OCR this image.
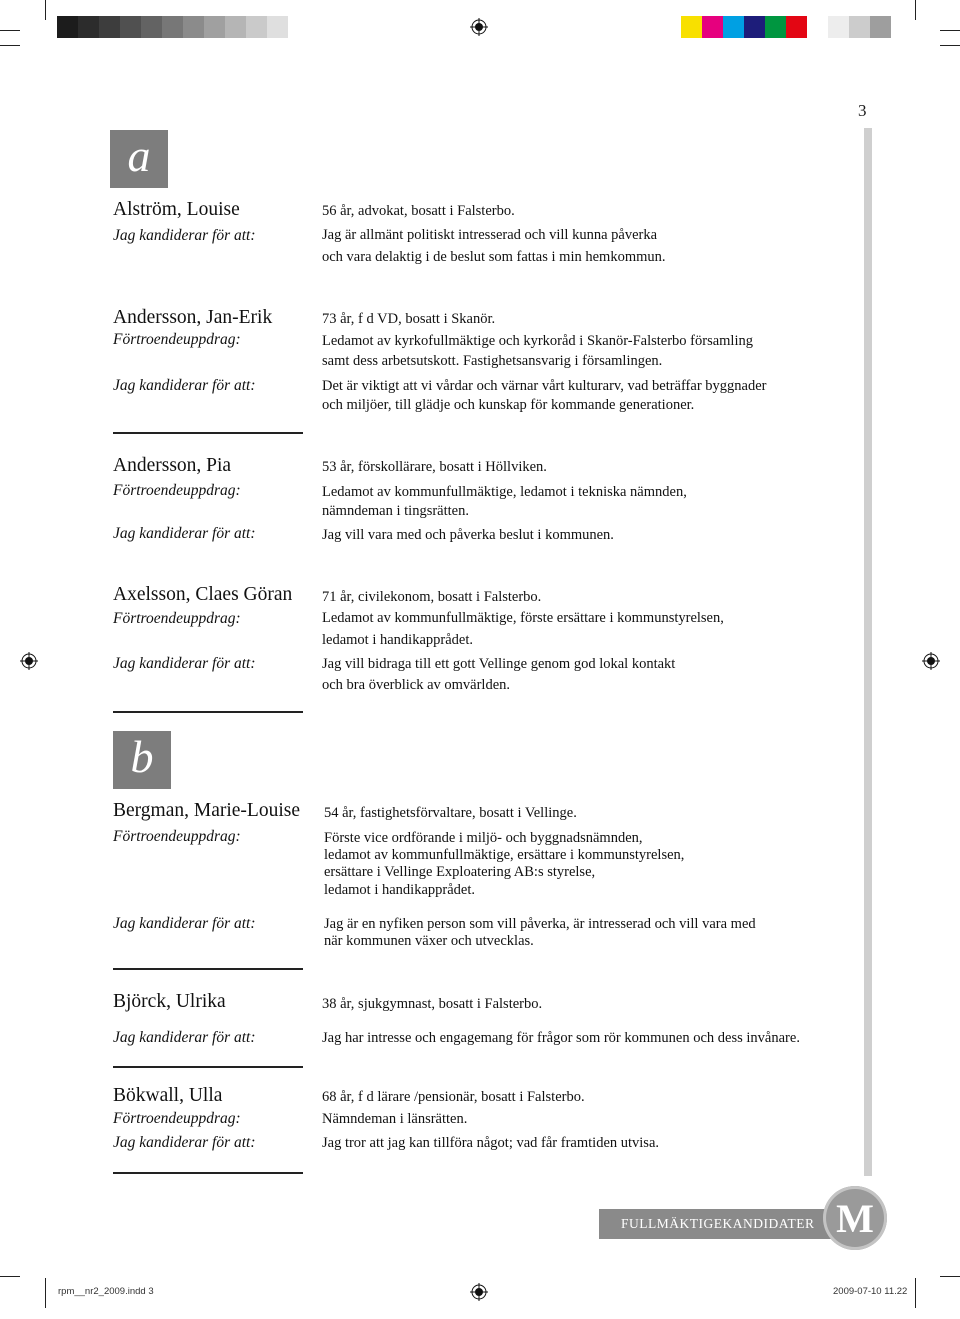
3
a
b
Alström, Louise
Jag kandiderar för att:
56 år, advokat, bosatt i Falsterbo.
Jag är allmänt politiskt intresserad och vill kunna påverka
och vara delaktig i de beslut som fattas i min hemkommun.
Andersson, Jan-Erik
Förtroendeuppdrag:
Jag kandiderar för att:
73 år, f d VD, bosatt i Skanör.
Ledamot av kyrkofullmäktige och kyrkoråd i Skanör-Falsterbo församling
samt dess arbetsutskott. Fastighetsansvarig i församlingen.
Det är viktigt att vi vårdar och värnar vårt kulturarv, vad beträffar byggnader
och miljöer, till glädje och kunskap för kommande generationer.
Andersson, Pia
Förtroendeuppdrag:
Jag kandiderar för att:
53 år, förskollärare, bosatt i Höllviken.
Ledamot av kommunfullmäktige, ledamot i tekniska nämnden,
nämndeman i tingsrätten.
Jag vill vara med och påverka beslut i kommunen.
Axelsson, Claes Göran
Förtroendeuppdrag:
Jag kandiderar för att:
71 år, civilekonom, bosatt i Falsterbo.
Ledamot av kommunfullmäktige, förste ersättare i kommunstyrelsen,
ledamot i handikapprådet.
Jag vill bidraga till ett gott Vellinge genom god lokal kontakt
och bra överblick av omvärlden.
Bergman, Marie-Louise
Förtroendeuppdrag:
Jag kandiderar för att:
54 år, fastighetsförvaltare, bosatt i Vellinge.
Förste vice ordförande i miljö- och byggnadsnämnden,
ledamot av kommunfullmäktige, ersättare i kommunstyrelsen,
ersättare i Vellinge Exploatering AB:s styrelse,
ledamot i handikapprådet.
Jag är en nyfiken person som vill påverka, är intresserad och vill vara med
när kommunen växer och utvecklas.
Björck, Ulrika
Jag kandiderar för att:
38 år, sjukgymnast, bosatt i Falsterbo.
Jag har intresse och engagemang för frågor som rör kommunen och dess invånare.
Bökwall, Ulla
Förtroendeuppdrag:
Jag kandiderar för att:
68 år, f d lärare /pensionär, bosatt i Falsterbo.
Nämndeman i länsrätten.
Jag tror att jag kan tillföra något; vad får framtiden utvisa.
FULLMÄKTIGEKANDIDATER M
rpm__nr2_2009.indd 3	2009-07-10 11.22
